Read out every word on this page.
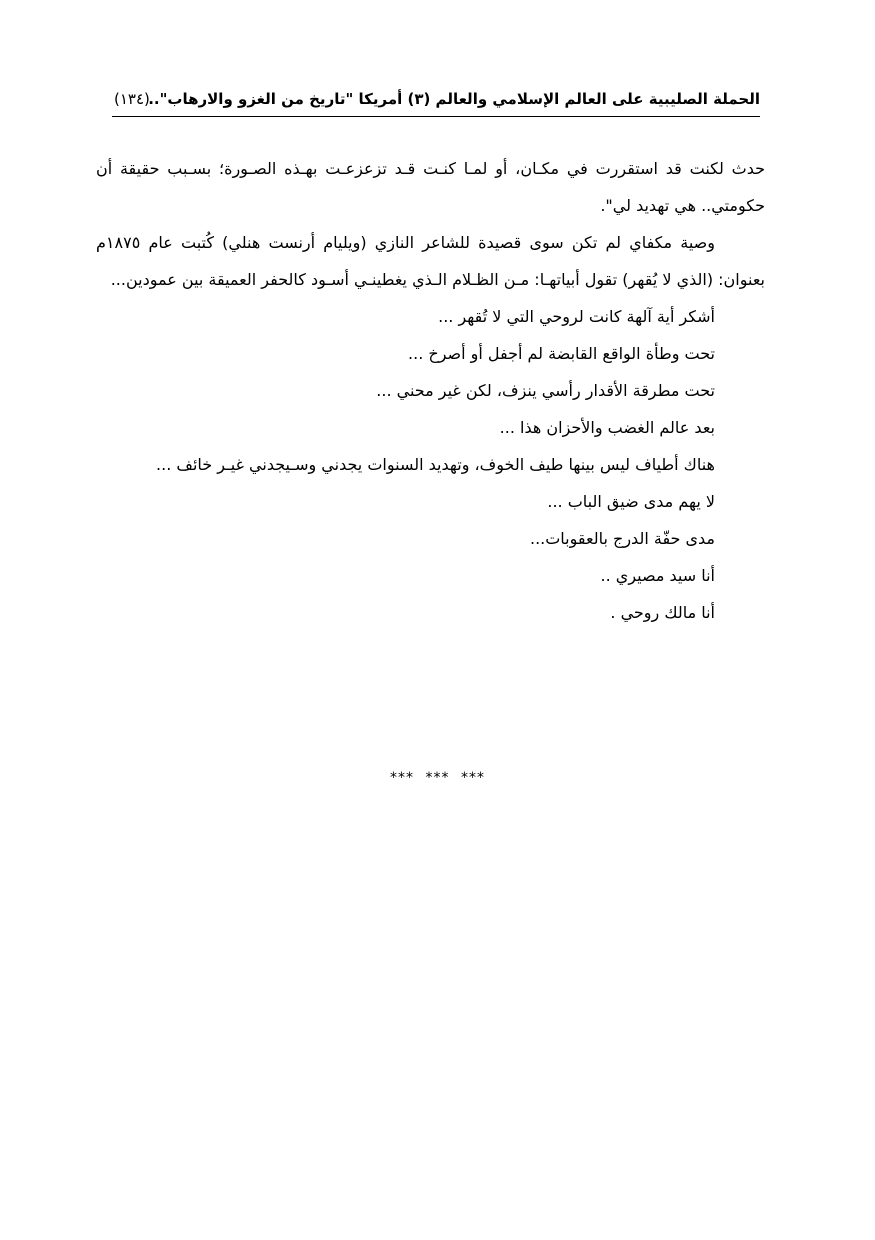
الحملة الصليبية على العالم الإسلامي والعالم (٣) أمريكا "تاريخ من الغزو والارهاب"..
(١٣٤)

حدث لكنت قد استقررت في مكـان، أو لمـا كنـت قـد تزعزعـت بهـذه الصـورة؛ بسـبب حقيقة أن حكومتي.. هي تهديد لي".

وصية مكفاي لم تكن سوى قصيدة للشاعر النازي (ويليام أرنست هنلي) كُتبت عام ١٨٧٥م بعنوان: (الذي لا يُقهر) تقول أبياتهـا: مـن الظـلام الـذي يغطينـي أسـود كالحفر العميقة بين عمودين...

أشكر أية آلهة كانت لروحي التي لا تُقهر ...

تحت وطأة الواقع القابضة لم أجفل أو أصرخ ...

تحت مطرقة الأقدار رأسي ينزف، لكن غير محني ...

بعد عالم الغضب والأحزان هذا ...

هناك أطياف ليس بينها طيف الخوف، وتهديد السنوات يجدني وسـيجدني غيـر خائف ...

لا يهم مدى ضيق الباب ...

مدى حفّة الدرج بالعقوبات...

أنا سيد مصيري ..

أنا مالك روحي .

*** *** ***
